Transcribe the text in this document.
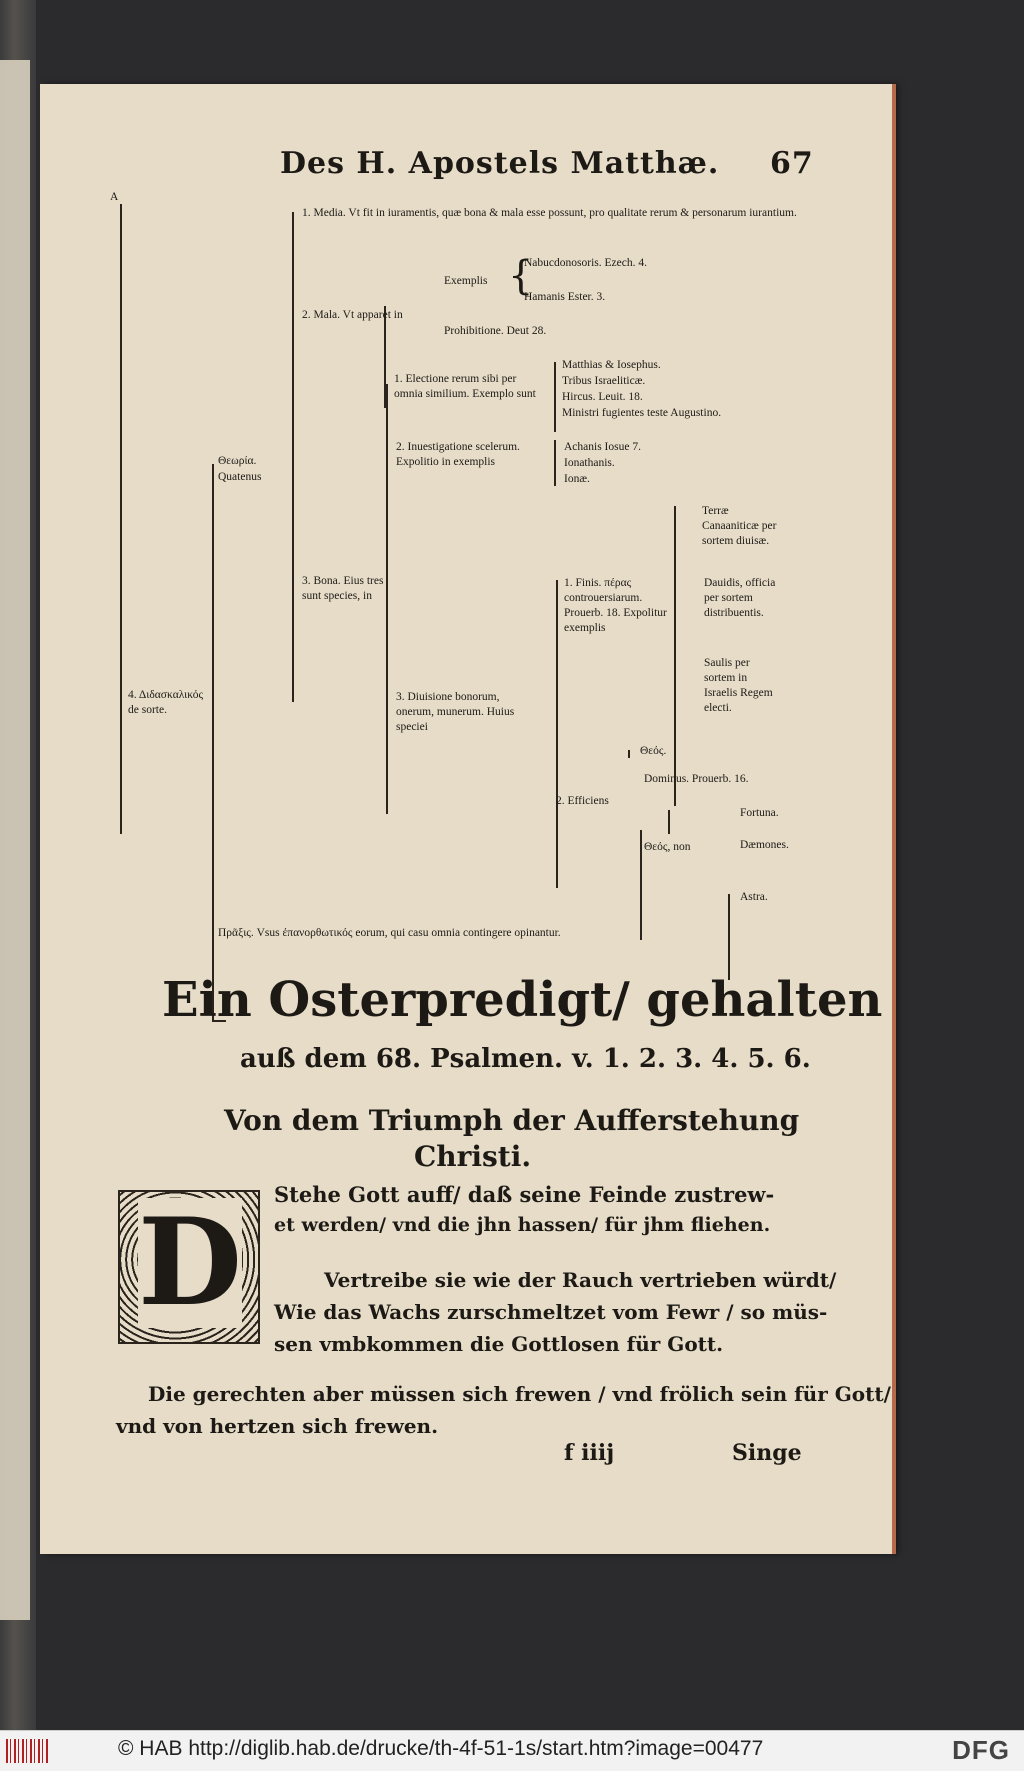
Des H. Apostels Matthæ. 67
A
1. Media. Vt fit in iuramentis, quæ bona & mala esse possunt, pro qualitate rerum & personarum iurantium.
2. Mala. Vt apparet in
Exemplis {
Nabucdonosoris. Ezech. 4.
Hamanis Ester. 3.
Prohibitione. Deut 28.
1. Electione rerum sibi per omnia similium. Exemplo sunt
Matthias & Iosephus.
Tribus Israeliticæ.
Hircus. Leuit. 18.
Ministri fugientes teste Augustino.
2. Inuestigatione scelerum. Expolitio in exemplis
Achanis Iosue 7.
Ionathanis.
Ionæ.
Θεωρία.
Quatenus
3. Bona. Eius tres sunt species, in
Terræ Canaaniticæ per sortem diuisæ.
1. Finis. πέρας controuersiarum. Prouerb. 18. Expolitur exemplis
Dauidis, officia per sortem distribuentis.
Saulis per sortem in Israelis Regem electi.
4. Διδασκαλικός de sorte.
3. Diuisione bonorum, onerum, munerum. Huius speciei
Θεός.
Dominus. Prouerb. 16.
2. Efficiens
Fortuna.
Θεός, non	Dæmones.
Astra.
Πρᾶξις. Vsus ἐπανορθωτικός eorum, qui casu omnia contingere opinantur.
Ein Osterpredigt/ gehalten
auß dem 68. Psalmen. v. 1. 2. 3. 4. 5. 6.
Von dem Triumph der Aufferstehung
Christi.
D Stehe Gott auff/ daß seine Feinde zustrew-
et werden/ vnd die jhn hassen/ für jhm fliehen.
Vertreibe sie wie der Rauch vertrieben würdt/
Wie das Wachs zurschmeltzet vom Fewr / so müs-
sen vmbkommen die Gottlosen für Gott.
Die gerechten aber müssen sich frewen / vnd frölich sein für Gott/
vnd von hertzen sich frewen.
f iiij	Singe
© HAB http://diglib.hab.de/drucke/th-4f-51-1s/start.htm?image=00477	DFG
